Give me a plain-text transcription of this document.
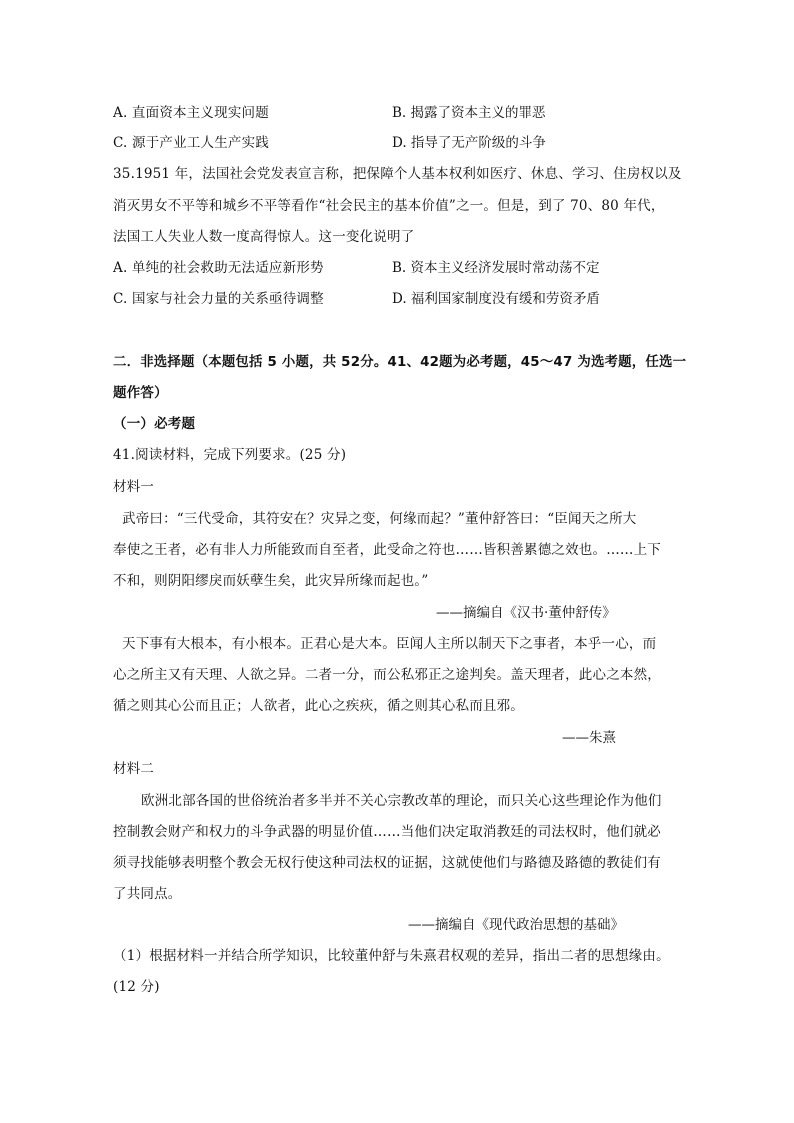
A. 直面资本主义现实问题	B. 揭露了资本主义的罪恶
C. 源于产业工人生产实践	D. 指导了无产阶级的斗争
35.1951 年，法国社会党发表宣言称，把保障个人基本权利如医疗、休息、学习、住房权以及
消灭男女不平等和城乡不平等看作“社会民主的基本价值”之一。但是，到了 70、80 年代，
法国工人失业人数一度高得惊人。这一变化说明了
A. 单纯的社会救助无法适应新形势	B. 资本主义经济发展时常动荡不定
C. 国家与社会力量的关系亟待调整	D. 福利国家制度没有缓和劳资矛盾
二．非选择题（本题包括 5 小题，共 52分。41、42题为必考题，45～47 为选考题，任选一
题作答）
（一）必考题
41.阅读材料，完成下列要求。(25 分)
材料一
武帝曰：“三代受命，其符安在？灾异之变，何缘而起？”董仲舒答曰：“臣闻天之所大
奉使之王者，必有非人力所能致而自至者，此受命之符也……皆积善累德之效也。……上下
不和，则阴阳缪戾而妖孽生矣，此灾异所缘而起也。”
——摘编自《汉书·董仲舒传》
天下事有大根本，有小根本。正君心是大本。臣闻人主所以制天下之事者，本乎一心，而
心之所主又有天理、人欲之异。二者一分，而公私邪正之途判矣。盖天理者，此心之本然，
循之则其心公而且正；人欲者，此心之疾疢，循之则其心私而且邪。
——朱熹
材料二
欧洲北部各国的世俗统治者多半并不关心宗教改革的理论，而只关心这些理论作为他们
控制教会财产和权力的斗争武器的明显价值……当他们决定取消教廷的司法权时，他们就必
须寻找能够表明整个教会无权行使这种司法权的证据，这就使他们与路德及路德的教徒们有
了共同点。
——摘编自《现代政治思想的基础》
（1）根据材料一并结合所学知识，比较董仲舒与朱熹君权观的差异，指出二者的思想缘由。
(12 分)
